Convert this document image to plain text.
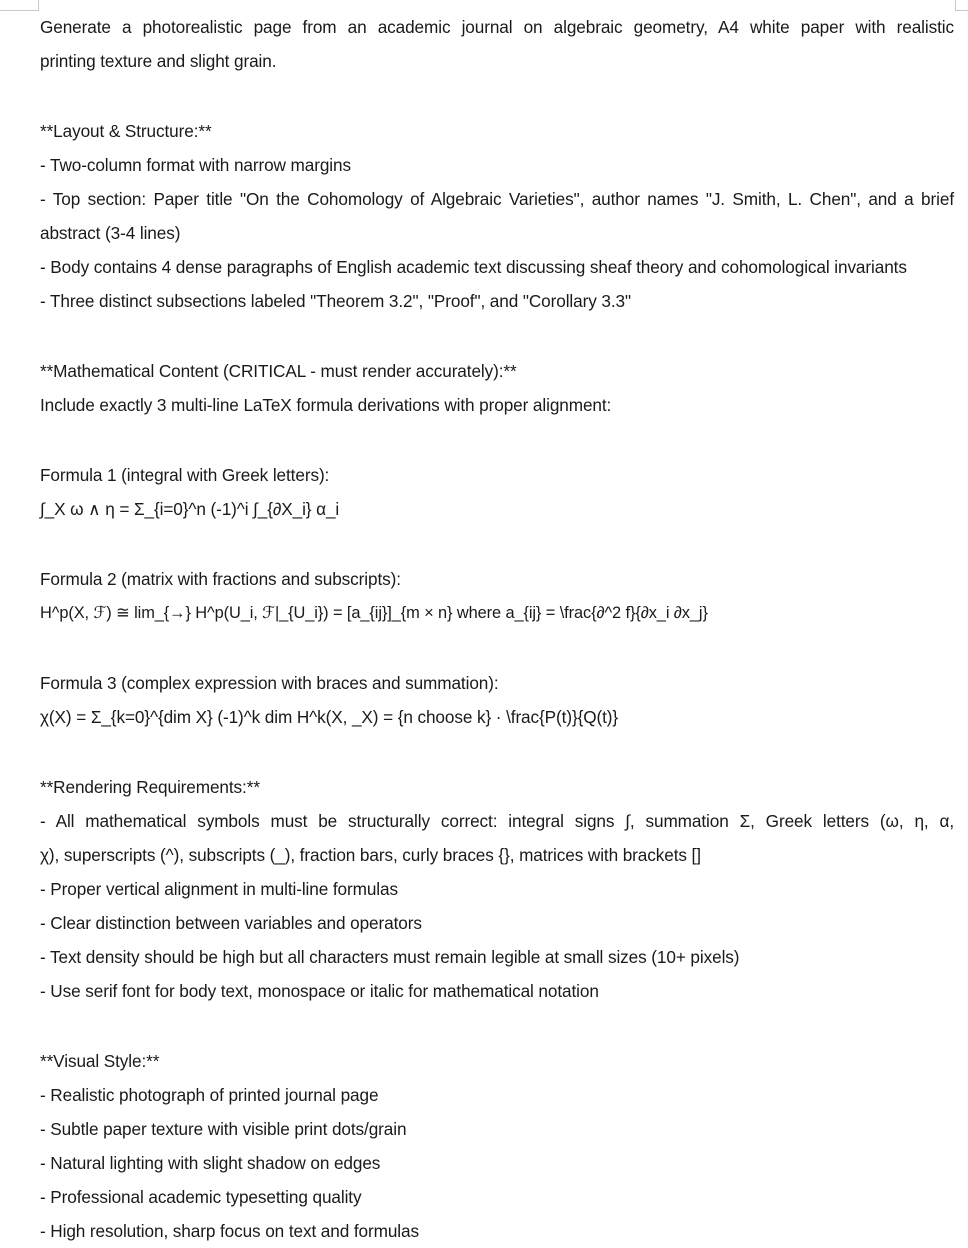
Generate a photorealistic page from an academic journal on algebraic geometry, A4 white paper with realistic
printing texture and slight grain.
**Layout & Structure:**
- Two-column format with narrow margins
- Top section: Paper title "On the Cohomology of Algebraic Varieties", author names "J. Smith, L. Chen", and a brief
abstract (3-4 lines)
- Body contains 4 dense paragraphs of English academic text discussing sheaf theory and cohomological invariants
- Three distinct subsections labeled "Theorem 3.2", "Proof", and "Corollary 3.3"
**Mathematical Content (CRITICAL - must render accurately):**
Include exactly 3 multi-line LaTeX formula derivations with proper alignment:
Formula 1 (integral with Greek letters):
∫_X ω ∧ η = Σ_{i=0}^n (-1)^i ∫_{∂X_i} α_i
Formula 2 (matrix with fractions and subscripts):
H^p(X, ℱ) ≅ lim_{→} H^p(U_i, ℱ|_{U_i}) = [a_{ij}]_{m × n} where a_{ij} = \frac{∂^2 f}{∂x_i ∂x_j}
Formula 3 (complex expression with braces and summation):
χ(X) = Σ_{k=0}^{dim X} (-1)^k dim H^k(X, _X) = {n choose k} · \frac{P(t)}{Q(t)}
**Rendering Requirements:**
- All mathematical symbols must be structurally correct: integral signs ∫, summation Σ, Greek letters (ω, η, α,
χ), superscripts (^), subscripts (_), fraction bars, curly braces {}, matrices with brackets []
- Proper vertical alignment in multi-line formulas
- Clear distinction between variables and operators
- Text density should be high but all characters must remain legible at small sizes (10+ pixels)
- Use serif font for body text, monospace or italic for mathematical notation
**Visual Style:**
- Realistic photograph of printed journal page
- Subtle paper texture with visible print dots/grain
- Natural lighting with slight shadow on edges
- Professional academic typesetting quality
- High resolution, sharp focus on text and formulas
